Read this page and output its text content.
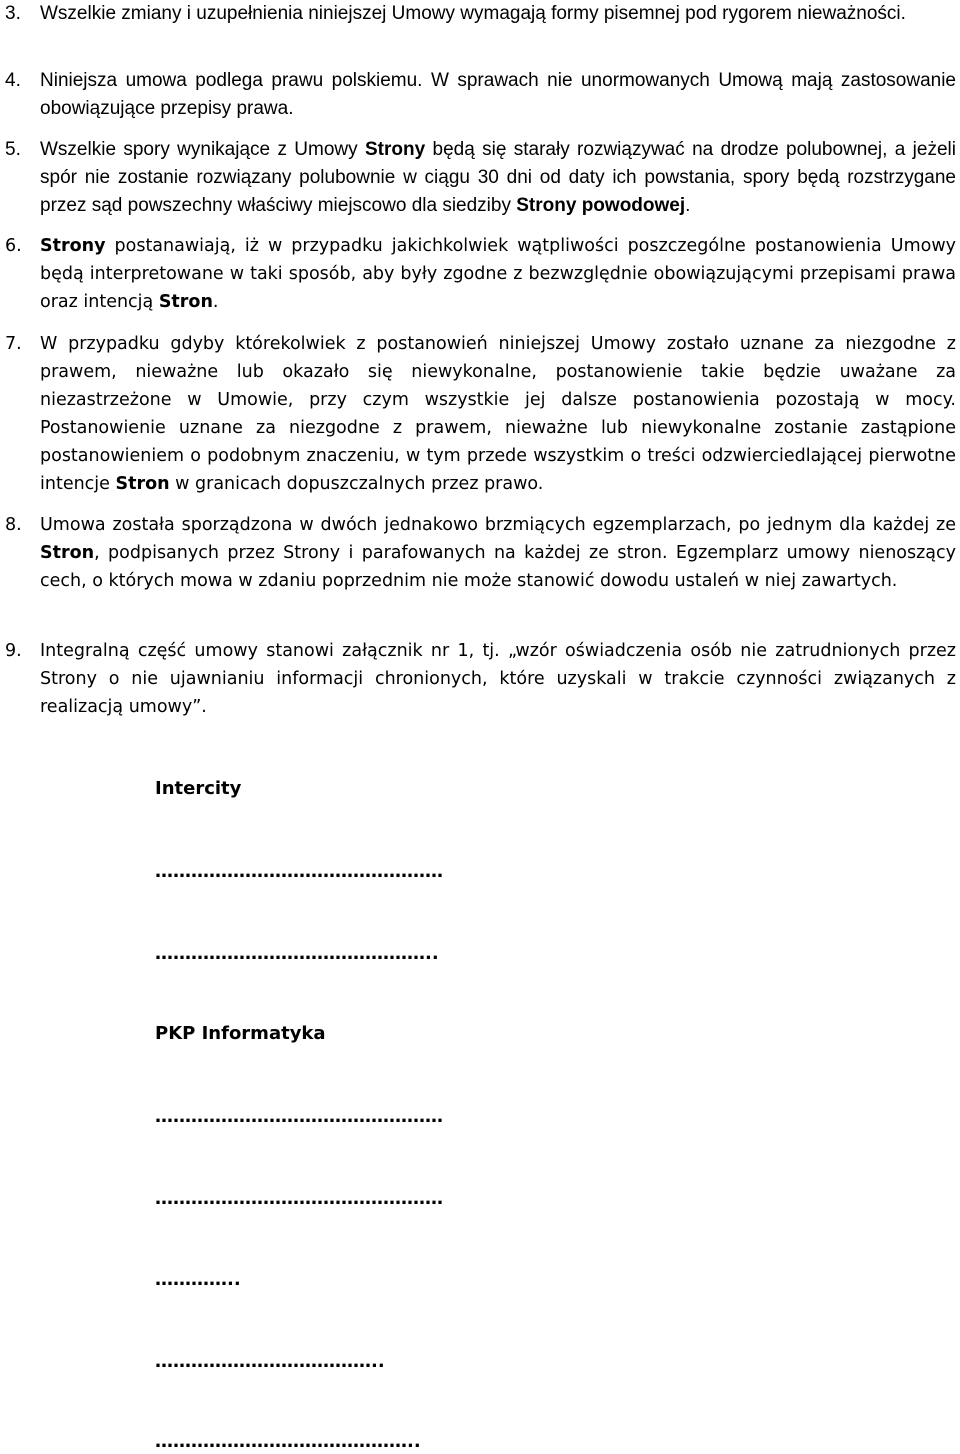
3. Wszelkie zmiany i uzupełnienia niniejszej Umowy wymagają formy pisemnej pod rygorem nieważności.
4. Niniejsza umowa podlega prawu polskiemu. W sprawach nie unormowanych Umową mają zastosowanie obowiązujące przepisy prawa.
5. Wszelkie spory wynikające z Umowy Strony będą się starały rozwiązywać na drodze polubownej, a jeżeli spór nie zostanie rozwiązany polubownie w ciągu 30 dni od daty ich powstania, spory będą rozstrzygane przez sąd powszechny właściwy miejscowo dla siedziby Strony powodowej.
6. Strony postanawiają, iż w przypadku jakichkolwiek wątpliwości poszczególne postanowienia Umowy będą interpretowane w taki sposób, aby były zgodne z bezwzględnie obowiązującymi przepisami prawa oraz intencją Stron.
7. W przypadku gdyby którekolwiek z postanowień niniejszej Umowy zostało uznane za niezgodne z prawem, nieważne lub okazało się niewykonalne, postanowienie takie będzie uważane za niezastrzeżone w Umowie, przy czym wszystkie jej dalsze postanowienia pozostają w mocy. Postanowienie uznane za niezgodne z prawem, nieważne lub niewykonalne zostanie zastąpione postanowieniem o podobnym znaczeniu, w tym przede wszystkim o treści odzwierciedlającej pierwotne intencje Stron w granicach dopuszczalnych przez prawo.
8. Umowa została sporządzona w dwóch jednakowo brzmiących egzemplarzach, po jednym dla każdej ze Stron, podpisanych przez Strony i parafowanych na każdej ze stron. Egzemplarz umowy nienoszący cech, o których mowa w zdaniu poprzednim nie może stanowić dowodu ustaleń w niej zawartych.
9. Integralną część umowy stanowi załącznik nr 1, tj. „wzór oświadczenia osób nie zatrudnionych przez Strony o nie ujawnianiu informacji chronionych, które uzyskali w trakcie czynności związanych z realizacją umowy”.
Intercity
…………………………………………
………………………………………..
PKP Informatyka
…………………………………………
…………………………………………
…………..
………………………………..
……………………………………..
